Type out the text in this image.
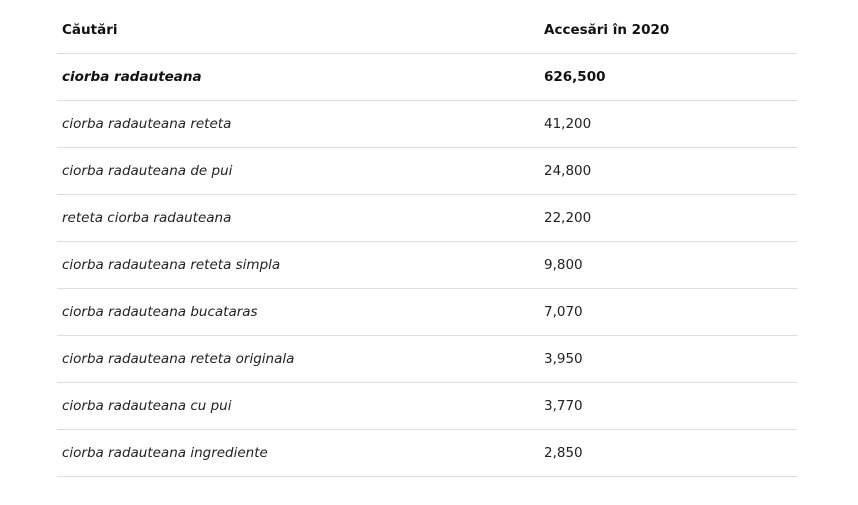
Căutări	Accesări în 2020
ciorba radauteana	626,500
ciorba radauteana reteta	41,200
ciorba radauteana de pui	24,800
reteta ciorba radauteana	22,200
ciorba radauteana reteta simpla	9,800
ciorba radauteana bucataras	7,070
ciorba radauteana reteta originala	3,950
ciorba radauteana cu pui	3,770
ciorba radauteana ingrediente	2,850
